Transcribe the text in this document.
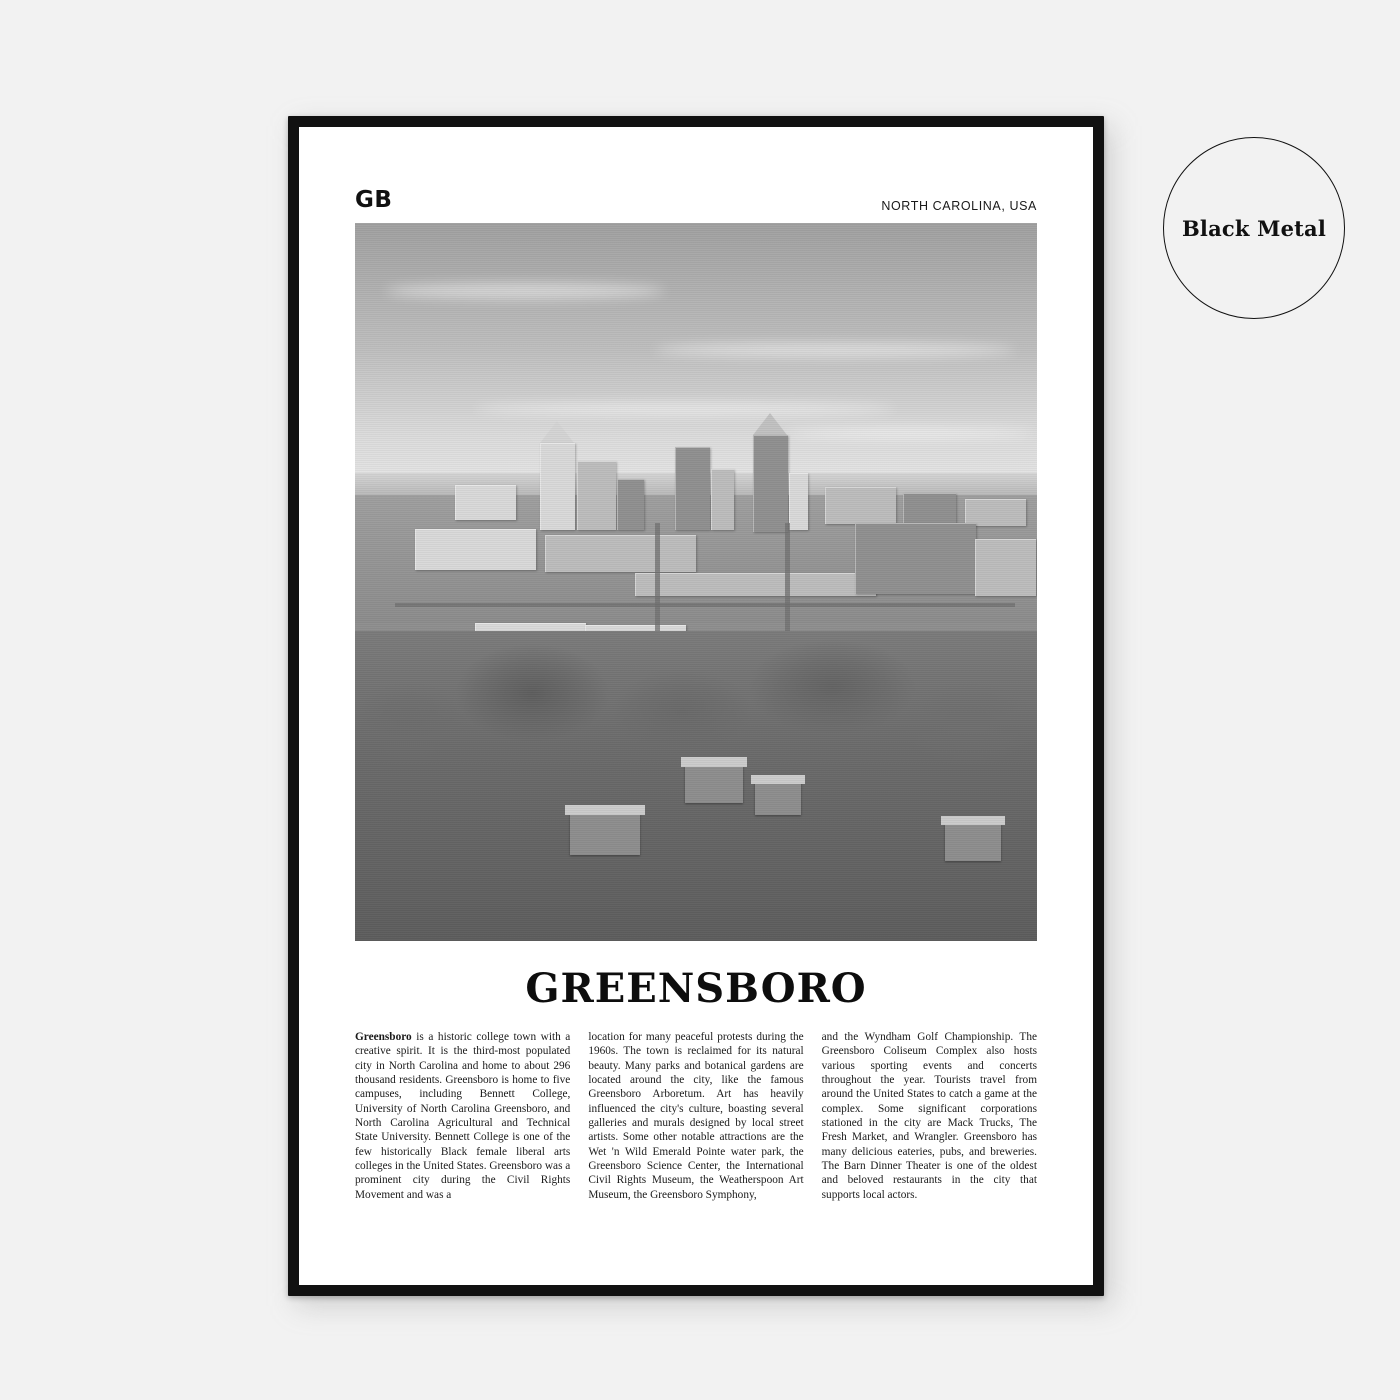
GB	NORTH CAROLINA, USA
GREENSBORO

Greensboro is a historic college town with a creative spirit. It is the third-most populated city in North Carolina and home to about 296 thousand residents. Greensboro is home to five campuses, including Bennett College, University of North Carolina Greensboro, and North Carolina Agricultural and Technical State University. Bennett College is one of the few historically Black female liberal arts colleges in the United States. Greensboro was a prominent city during the Civil Rights Movement and was a

location for many peaceful protests during the 1960s. The town is reclaimed for its natural beauty. Many parks and botanical gardens are located around the city, like the famous Greensboro Arboretum. Art has heavily influenced the city's culture, boasting several galleries and murals designed by local street artists. Some other notable attractions are the Wet 'n Wild Emerald Pointe water park, the Greensboro Science Center, the International Civil Rights Museum, the Weatherspoon Art Museum, the Greensboro Symphony,

and the Wyndham Golf Championship. The Greensboro Coliseum Complex also hosts various sporting events and concerts throughout the year. Tourists travel from around the United States to catch a game at the complex. Some significant corporations stationed in the city are Mack Trucks, The Fresh Market, and Wrangler. Greensboro has many delicious eateries, pubs, and breweries. The Barn Dinner Theater is one of the oldest and beloved restaurants in the city that supports local actors.

Black Metal
